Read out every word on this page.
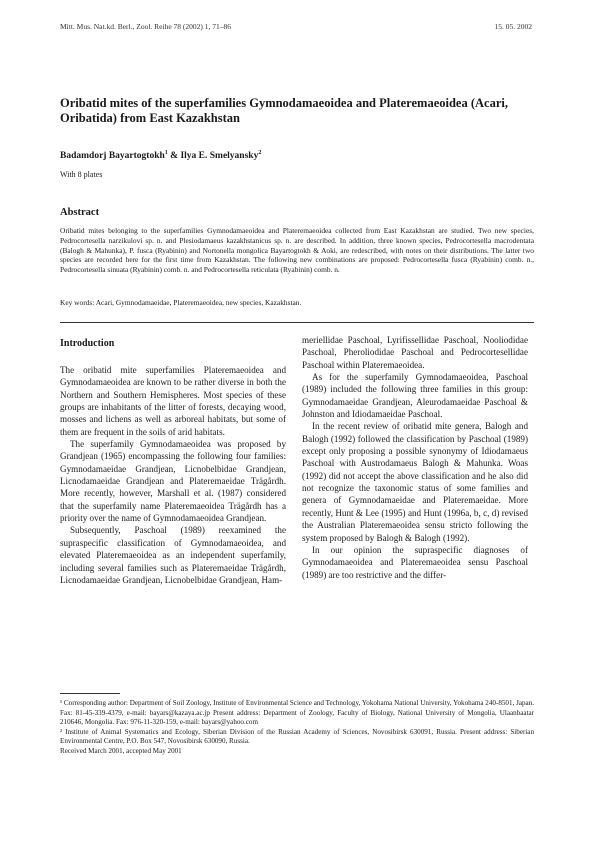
Mitt. Mus. Nat.kd. Berl., Zool. Reihe 78 (2002) 1, 71–86	15. 05. 2002
Oribatid mites of the superfamilies Gymnodamaeoidea and Plateremaeoidea (Acari, Oribatida) from East Kazakhstan
Badamdorj Bayartogtokh$^1$ & Ilya E. Smelyansky$^2$
With 8 plates
Abstract
Oribatid mites belonging to the superfamilies Gymnodamaeoidea and Plateremaeoidea collected from East Kazakhstan are studied. Two new species, Pedrocortesella narzikulovi sp. n. and Plesiodamaeus kazakhstanicus sp. n. are described. In addition, three known species, Pedrocortesella macrodentata (Balogh & Mahunka), P. fusca (Ryabinin) and Nortonella mongolica Bayartogtokh & Aoki, are redescribed, with notes on their distributions. The latter two species are recorded here for the first time from Kazakhstan. The following new combinations are proposed: Pedrocortesella fusca (Ryabinin) comb. n., Pedrocortesella sinuata (Ryabinin) comb. n. and Pedrocortesella reticulata (Ryabinin) comb. n.
Key words: Acari, Gymnodamaeidae, Plateremaeoidea, new species, Kazakhstan.
Introduction

The oribatid mite superfamilies Plateremaeoidea and Gymnodamaeoidea are known to be rather diverse in both the Northern and Southern Hemispheres. Most species of these groups are inhabitants of the litter of forests, decaying wood, mosses and lichens as well as arboreal habitats, but some of them are frequent in the soils of arid habitats.

The superfamily Gymnodamaeoidea was proposed by Grandjean (1965) encompassing the following four families: Gymnodamaeidae Grandjean, Licnobelbidae Grandjean, Licnodamaeidae Grandjean and Plateremaeidae Trägårdh. More recently, however, Marshall et al. (1987) considered that the superfamily name Plateremaeoidea Trägårdh has a priority over the name of Gymnodamaeoidea Grandjean.

Subsequently, Paschoal (1989) reexamined the supraspecific classification of Gymnodamaeoidea, and elevated Plateremaeoidea as an independent superfamily, including several families such as Plateremaeidae Trägårdh, Licnodamaeidae Grandjean, Licnobelbidae Grandjean, Ham-

meriellidae Paschoal, Lyrifissellidae Paschoal, Nooliodidae Paschoal, Pheroliodidae Paschoal and Pedrocortesellidae Paschoal within Plateremaeoidea.

As for the superfamily Gymnodamaeoidea, Paschoal (1989) included the following three families in this group: Gymnodamaeidae Grandjean, Aleurodamaeidae Paschoal & Johnston and Idiodamaeidae Paschoal.

In the recent review of oribatid mite genera, Balogh and Balogh (1992) followed the classification by Paschoal (1989) except only proposing a possible synonymy of Idiodamaeus Paschoal with Austrodamaeus Balogh & Mahunka. Woas (1992) did not accept the above classification and he also did not recognize the taxonomic status of some families and genera of Gymnodamaeidae and Plateremaeidae. More recently, Hunt & Lee (1995) and Hunt (1996a, b, c, d) revised the Australian Plateremaeoidea sensu stricto following the system proposed by Balogh & Balogh (1992).

In our opinion the supraspecific diagnoses of Gymnodamaeoidea and Plateremaeoidea sensu Paschoal (1989) are too restrictive and the differ-

¹ Corresponding author: Department of Soil Zoology, Institute of Environmental Science and Technology, Yokohama National University, Yokohama 240-8501, Japan. Fax: 81-45-339-4379, e-mail: bayars@kazaya.ac.jp Present address: Department of Zoology, Faculty of Biology, National University of Mongolia, Ulaanbaatar 210646, Mongolia. Fax: 976-11-320-159, e-mail: bayars@yahoo.com

² Institute of Animal Systematics and Ecology, Siberian Division of the Russian Academy of Sciences, Novosibirsk 630091, Russia. Present address: Siberian Environmental Centre, P.O. Box 547, Novosibirsk 630090, Russia.

Received March 2001, accepted May 2001
